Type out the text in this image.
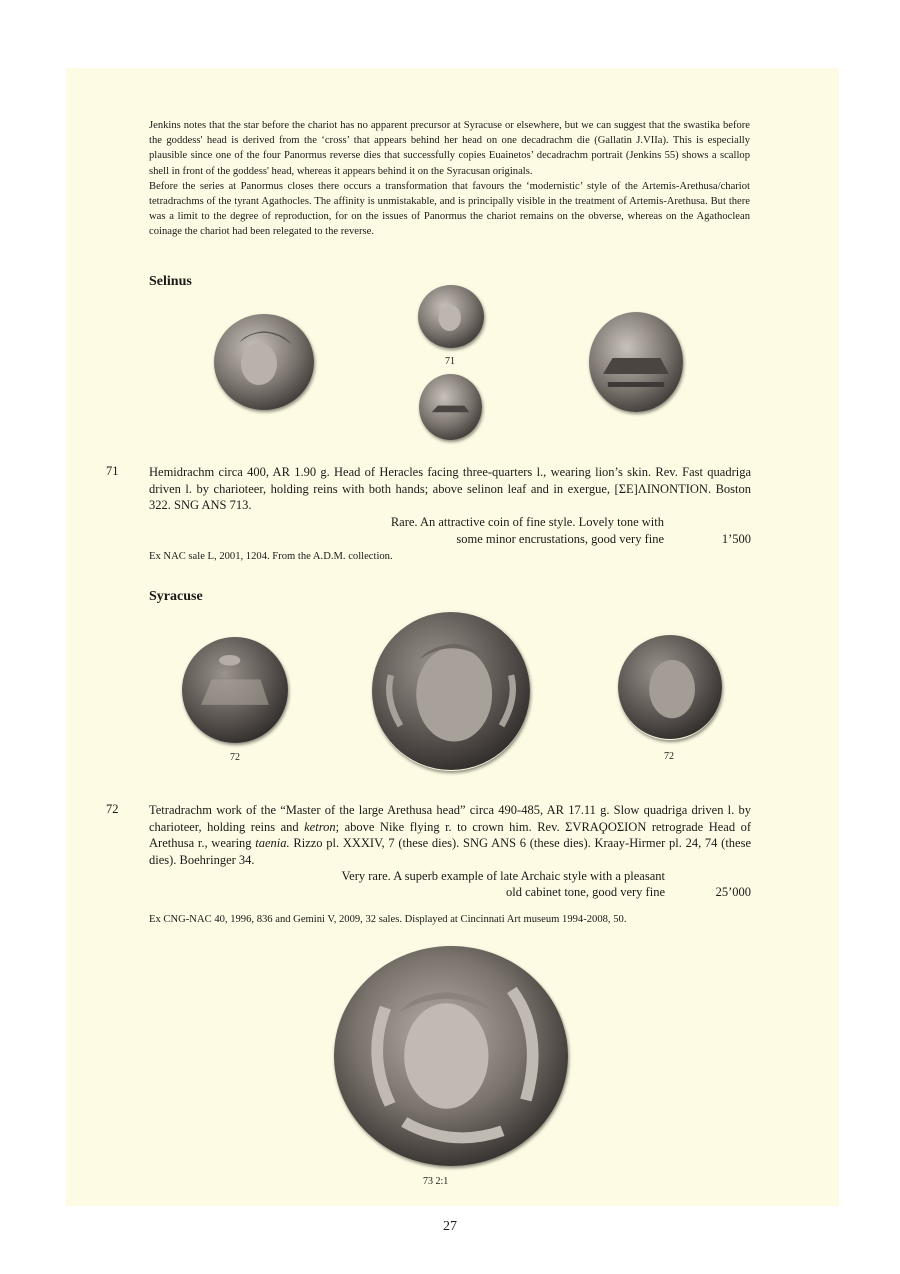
Jenkins notes that the star before the chariot has no apparent precursor at Syracuse or elsewhere, but we can suggest that the swastika before the goddess' head is derived from the ‘cross’ that appears behind her head on one decadrachm die (Gallatin J.VIIa). This is especially plausible since one of the four Panormus reverse dies that successfully copies Euainetos’ decadrachm portrait (Jenkins 55) shows a scallop shell in front of the goddess' head, whereas it appears behind it on the Syracusan originals.

Before the series at Panormus closes there occurs a transformation that favours the ‘modernistic’ style of the Artemis-Arethusa/chariot tetradrachms of the tyrant Agathocles. The affinity is unmistakable, and is principally visible in the treatment of Artemis-Arethusa. But there was a limit to the degree of reproduction, for on the issues of Panormus the chariot remains on the obverse, whereas on the Agathoclean coinage the chariot had been relegated to the reverse.

Selinus
71
71 Hemidrachm circa 400, AR 1.90 g. Head of Heracles facing three-quarters l., wearing lion’s skin. Rev. Fast quadriga driven l. by charioteer, holding reins with both hands; above selinon leaf and in exergue, [ΣΕ]ΛΙΝΟΝΤΙΟΝ. Boston 322. SNG ANS 713.
Rare. An attractive coin of fine style. Lovely tone with
some minor encrustations, good very fine	1’500
Ex NAC sale L, 2001, 1204. From the A.D.M. collection.
Syracuse
72	72
72 Tetradrachm work of the “Master of the large Arethusa head” circa 490-485, AR 17.11 g. Slow quadriga driven l. by charioteer, holding reins and ketron; above Nike flying r. to crown him. Rev. ΣVRAϘΟΣΙΟΝ retrograde Head of Arethusa r., wearing taenia. Rizzo pl. XXXIV, 7 (these dies). SNG ANS 6 (these dies). Kraay-Hirmer pl. 24, 74 (these dies). Boehringer 34.
Very rare. A superb example of late Archaic style with a pleasant
old cabinet tone, good very fine	25’000
Ex CNG-NAC 40, 1996, 836 and Gemini V, 2009, 32 sales. Displayed at Cincinnati Art museum 1994-2008, 50.
73 2:1
27
